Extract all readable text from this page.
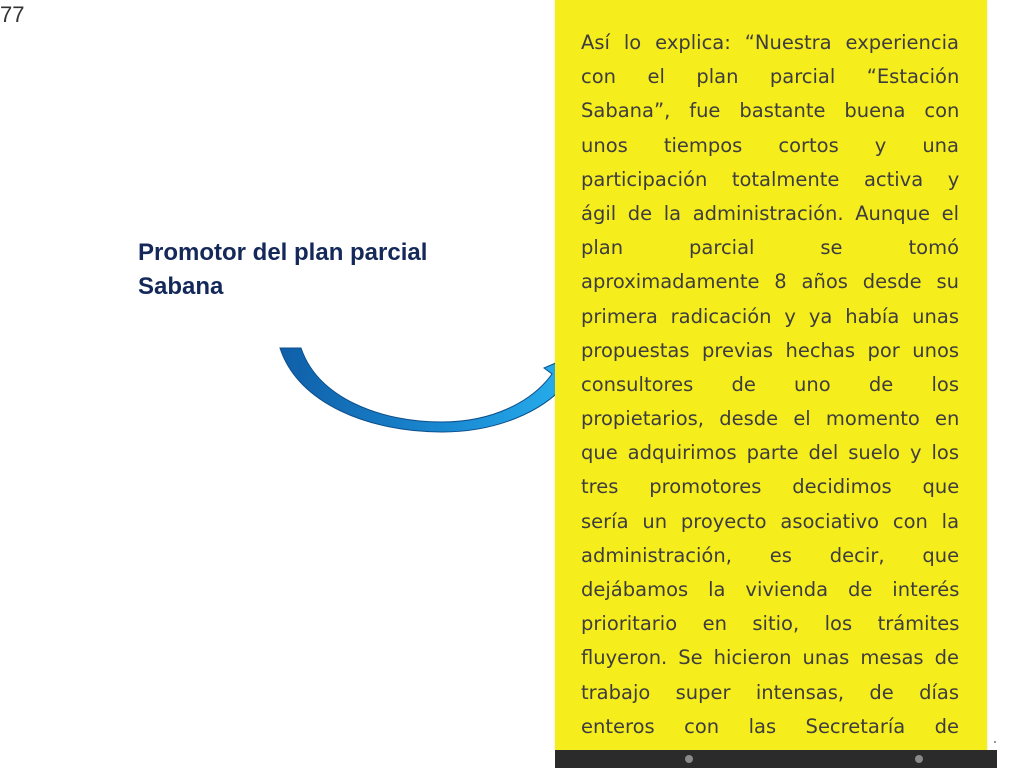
77
Promotor del plan parcial
Sabana
Así lo explica: “Nuestra experiencia
con el plan parcial “Estación
Sabana”, fue bastante buena con
unos tiempos cortos y una
participación totalmente activa y
ágil de la administración. Aunque el
plan parcial se tomó
aproximadamente 8 años desde su
primera radicación y ya había unas
propuestas previas hechas por unos
consultores de uno de los
propietarios, desde el momento en
que adquirimos parte del suelo y los
tres promotores decidimos que
sería un proyecto asociativo con la
administración, es decir, que
dejábamos la vivienda de interés
prioritario en sitio, los trámites
fluyeron. Se hicieron unas mesas de
trabajo super intensas, de días
enteros con las Secretaría de
